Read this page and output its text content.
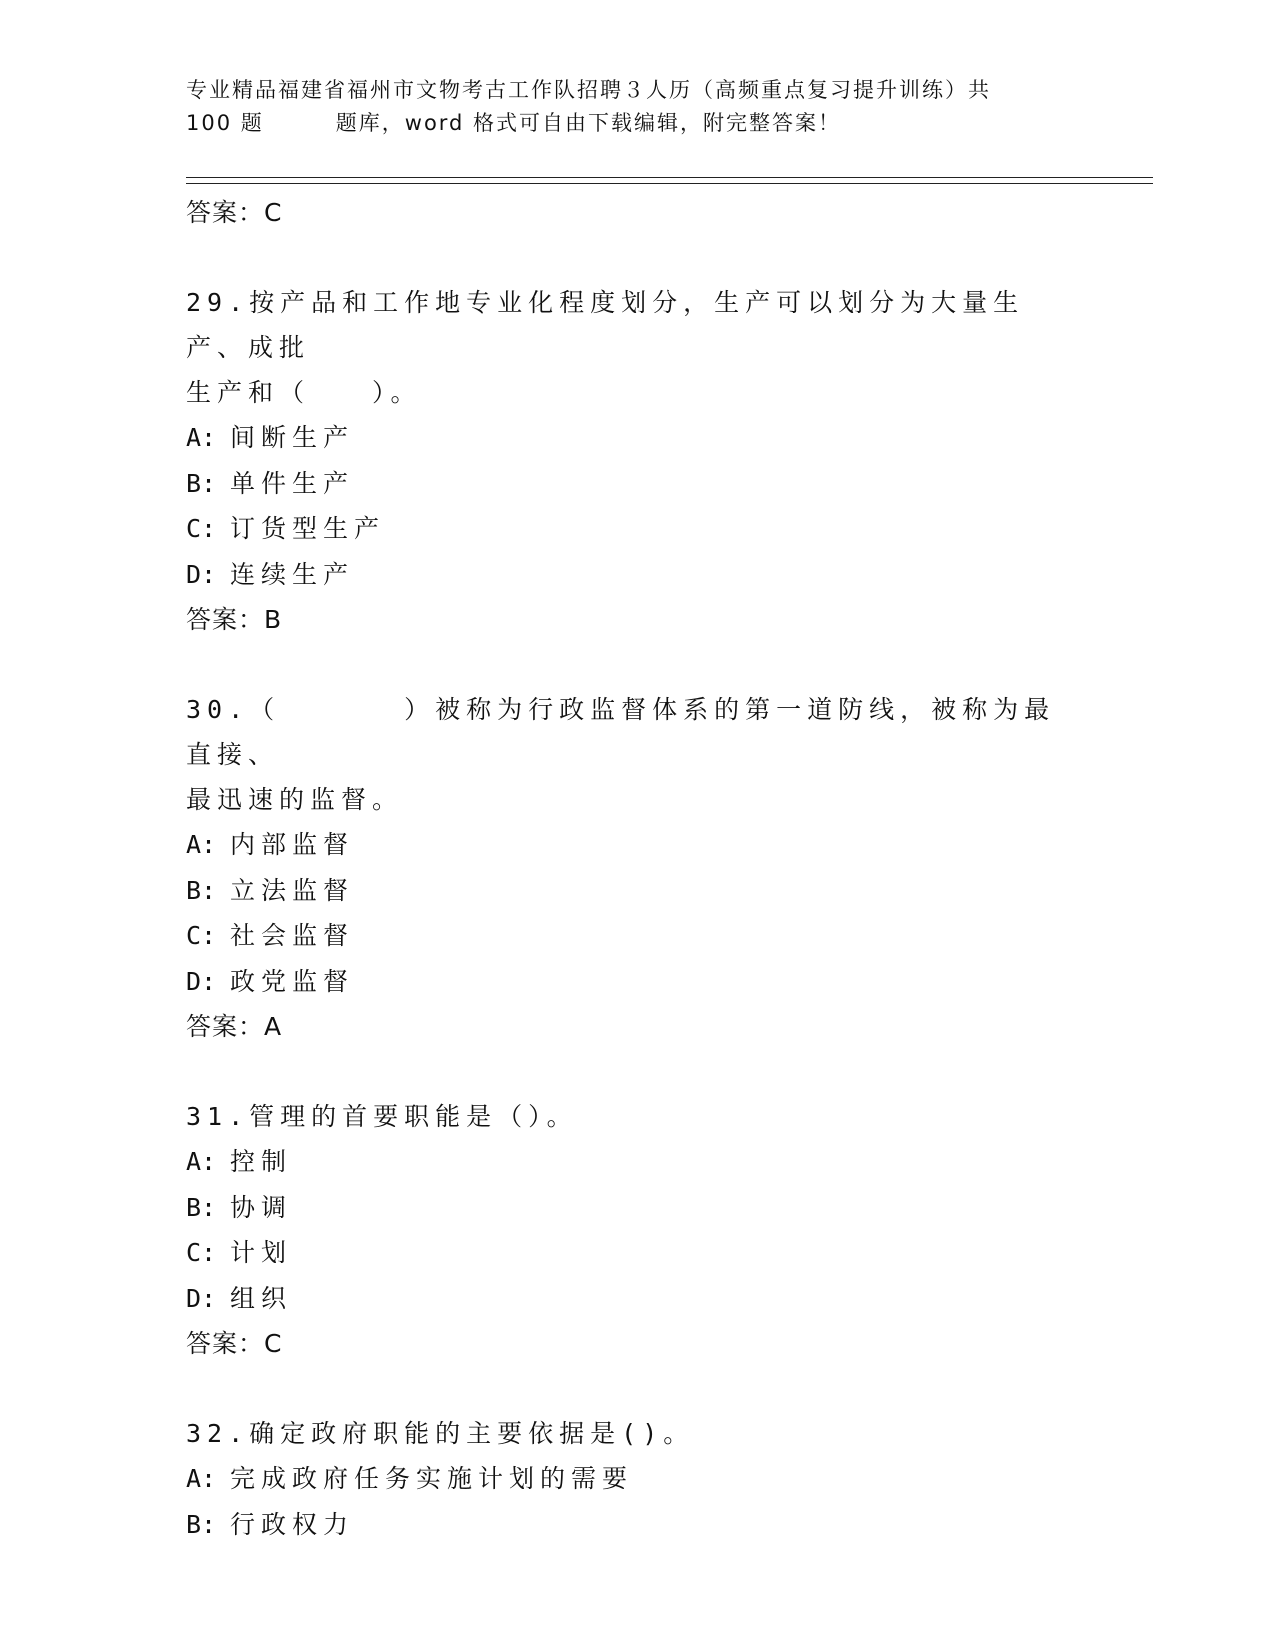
专业精品福建省福州市文物考古工作队招聘３人历（高频重点复习提升训练）共
100 题	题库，word 格式可自由下载编辑，附完整答案！
答案：C
29.按产品和工作地专业化程度划分，生产可以划分为大量生产、成批
生产和（　　）。
A: 间断生产
B: 单件生产
C: 订货型生产
D: 连续生产
答案：B
30.（　　　　）被称为行政监督体系的第一道防线，被称为最直接、
最迅速的监督。
A: 内部监督
B: 立法监督
C: 社会监督
D: 政党监督
答案：A
31.管理的首要职能是（）。
A: 控制
B: 协调
C: 计划
D: 组织
答案：C
32.确定政府职能的主要依据是()。
A: 完成政府任务实施计划的需要
B: 行政权力
